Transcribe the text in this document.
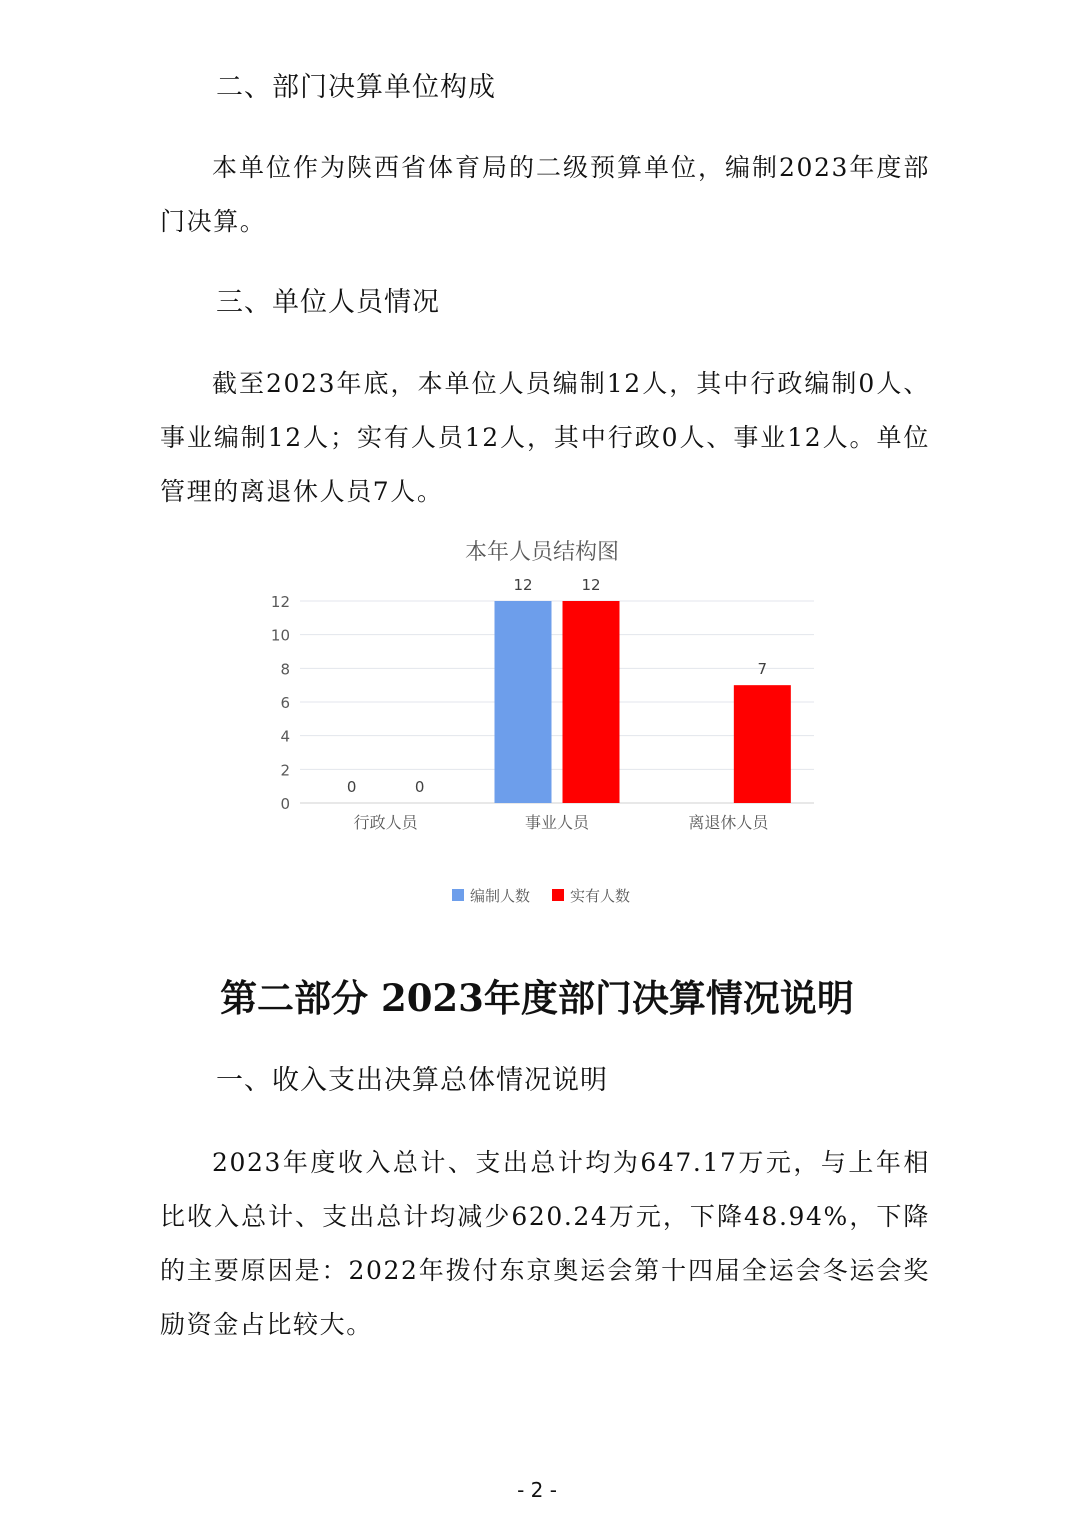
二、部门决算单位构成

本单位作为陕西省体育局的二级预算单位，编制2023年度部门决算。

三、单位人员情况

截至2023年底，本单位人员编制12人，其中行政编制0人、事业编制12人；实有人员12人，其中行政0人、事业12人。单位管理的离退休人员7人。

本年人员结构图
0
2
4
6
8
10
12
0	0
12	12
7
行政人员	事业人员	离退休人员
编制人数	实有人数
第二部分 2023年度部门决算情况说明
一、收入支出决算总体情况说明

2023年度收入总计、支出总计均为647.17万元，与上年相比收入总计、支出总计均减少620.24万元，下降48.94%，下降的主要原因是：2022年拨付东京奥运会第十四届全运会冬运会奖励资金占比较大。

- 2 -
